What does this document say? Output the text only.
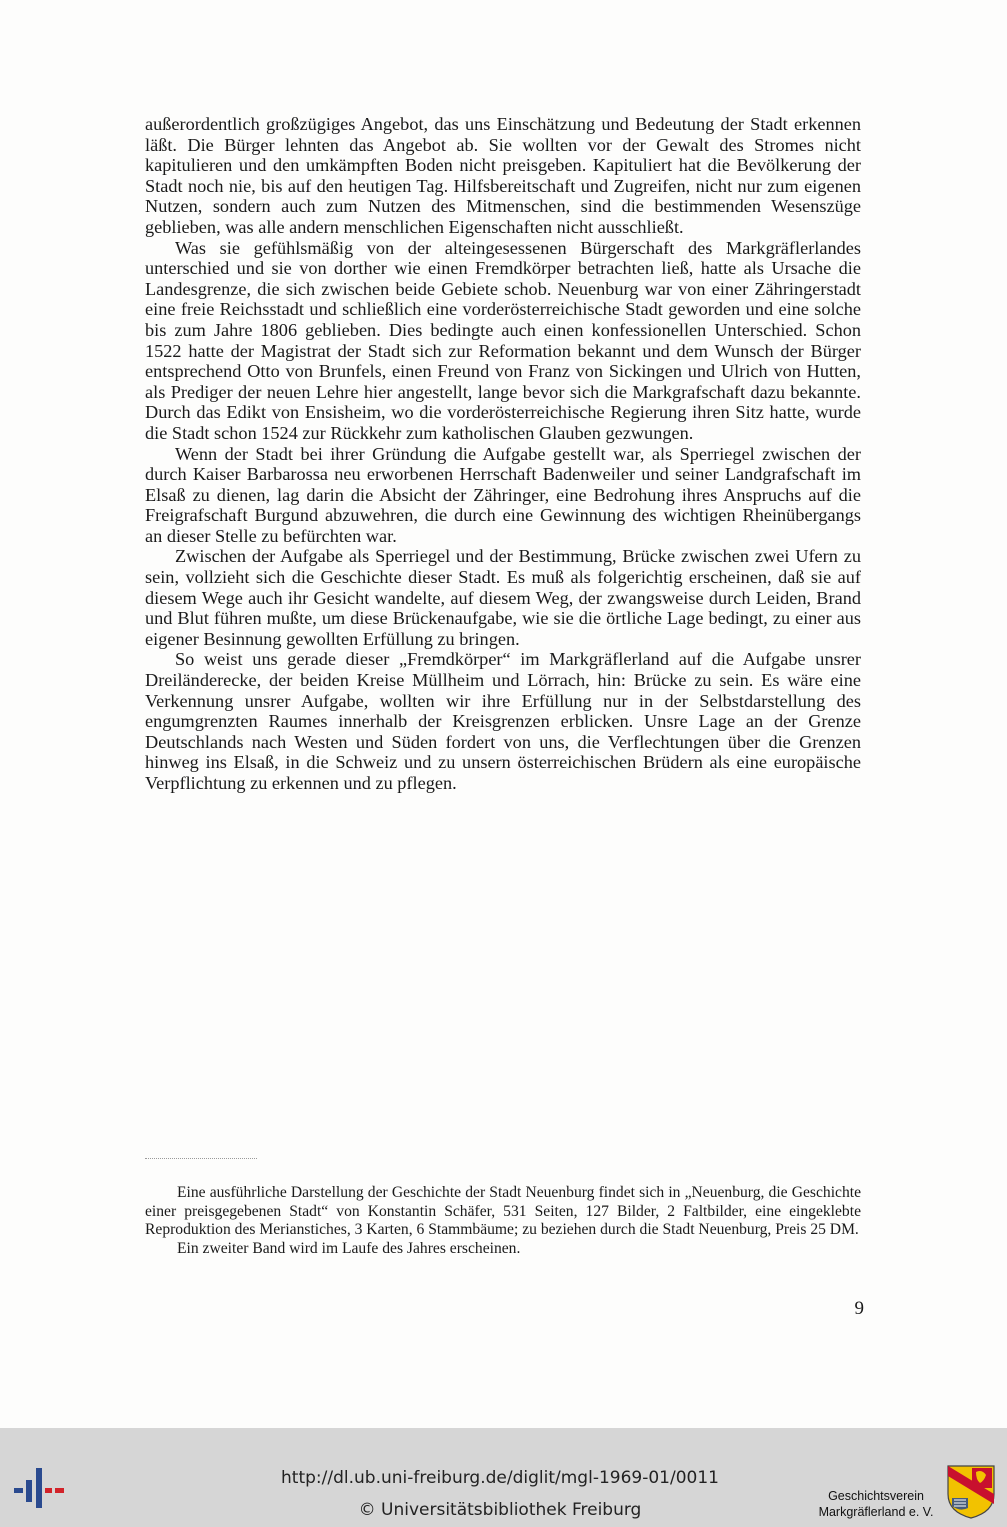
außerordentlich großzügiges Angebot, das uns Einschätzung und Bedeutung der Stadt erkennen läßt. Die Bürger lehnten das Angebot ab. Sie wollten vor der Gewalt des Stromes nicht kapitulieren und den umkämpften Boden nicht preisgeben. Kapituliert hat die Bevölkerung der Stadt noch nie, bis auf den heutigen Tag. Hilfsbereitschaft und Zugreifen, nicht nur zum eigenen Nutzen, sondern auch zum Nutzen des Mitmenschen, sind die bestimmenden Wesenszüge geblieben, was alle andern menschlichen Eigenschaften nicht ausschließt.

Was sie gefühlsmäßig von der alteingesessenen Bürgerschaft des Markgräflerlandes unterschied und sie von dorther wie einen Fremdkörper betrachten ließ, hatte als Ursache die Landesgrenze, die sich zwischen beide Gebiete schob. Neuenburg war von einer Zähringerstadt eine freie Reichsstadt und schließlich eine vorderösterreichische Stadt geworden und eine solche bis zum Jahre 1806 geblieben. Dies bedingte auch einen konfessionellen Unterschied. Schon 1522 hatte der Magistrat der Stadt sich zur Reformation bekannt und dem Wunsch der Bürger entsprechend Otto von Brunfels, einen Freund von Franz von Sickingen und Ulrich von Hutten, als Prediger der neuen Lehre hier angestellt, lange bevor sich die Markgrafschaft dazu bekannte. Durch das Edikt von Ensisheim, wo die vorderösterreichische Regierung ihren Sitz hatte, wurde die Stadt schon 1524 zur Rückkehr zum katholischen Glauben gezwungen.

Wenn der Stadt bei ihrer Gründung die Aufgabe gestellt war, als Sperriegel zwischen der durch Kaiser Barbarossa neu erworbenen Herrschaft Badenweiler und seiner Landgrafschaft im Elsaß zu dienen, lag darin die Absicht der Zähringer, eine Bedrohung ihres Anspruchs auf die Freigrafschaft Burgund abzuwehren, die durch eine Gewinnung des wichtigen Rheinübergangs an dieser Stelle zu befürchten war.

Zwischen der Aufgabe als Sperriegel und der Bestimmung, Brücke zwischen zwei Ufern zu sein, vollzieht sich die Geschichte dieser Stadt. Es muß als folgerichtig erscheinen, daß sie auf diesem Wege auch ihr Gesicht wandelte, auf diesem Weg, der zwangsweise durch Leiden, Brand und Blut führen mußte, um diese Brückenaufgabe, wie sie die örtliche Lage bedingt, zu einer aus eigener Besinnung gewollten Erfüllung zu bringen.

So weist uns gerade dieser „Fremdkörper“ im Markgräflerland auf die Aufgabe unsrer Dreiländerecke, der beiden Kreise Müllheim und Lörrach, hin: Brücke zu sein. Es wäre eine Verkennung unsrer Aufgabe, wollten wir ihre Erfüllung nur in der Selbstdarstellung des engumgrenzten Raumes innerhalb der Kreisgrenzen erblicken. Unsre Lage an der Grenze Deutschlands nach Westen und Süden fordert von uns, die Verflechtungen über die Grenzen hinweg ins Elsaß, in die Schweiz und zu unsern österreichischen Brüdern als eine europäische Verpflichtung zu erkennen und zu pflegen.

Eine ausführliche Darstellung der Geschichte der Stadt Neuenburg findet sich in „Neuenburg, die Geschichte einer preisgegebenen Stadt“ von Konstantin Schäfer, 531 Seiten, 127 Bilder, 2 Faltbilder, eine eingeklebte Reproduktion des Merianstiches, 3 Karten, 6 Stammbäume; zu beziehen durch die Stadt Neuenburg, Preis 25 DM.

Ein zweiter Band wird im Laufe des Jahres erscheinen.

9
http://dl.ub.uni-freiburg.de/diglit/mgl-1969-01/0011
© Universitätsbibliothek Freiburg
Geschichtsverein
Markgräflerland e. V.
